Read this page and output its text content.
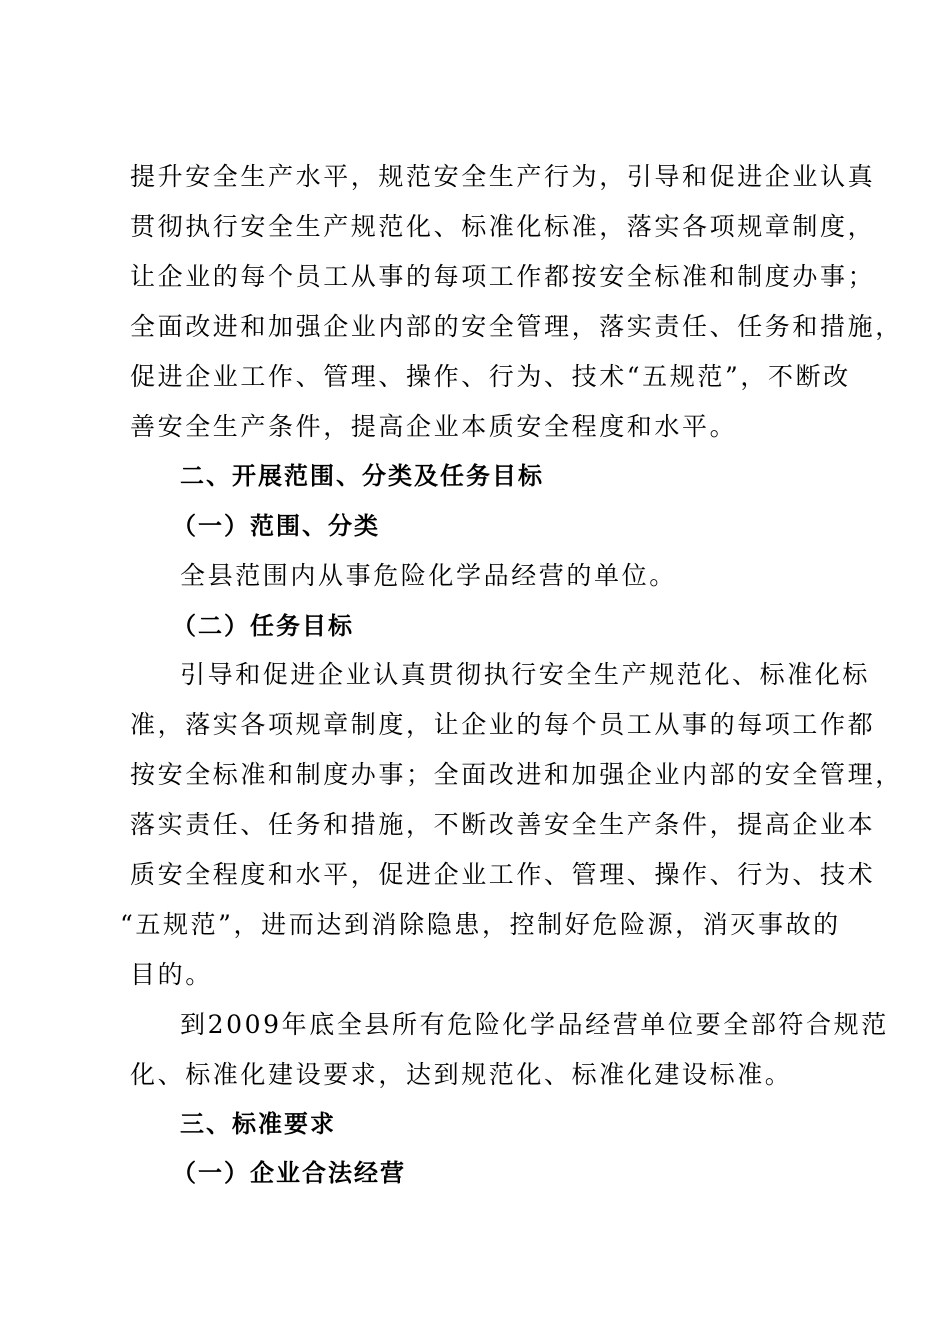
提升安全生产水平，规范安全生产行为，引导和促进企业认真
贯彻执行安全生产规范化、标准化标准，落实各项规章制度，
让企业的每个员工从事的每项工作都按安全标准和制度办事；
全面改进和加强企业内部的安全管理，落实责任、任务和措施，
促进企业工作、管理、操作、行为、技术“五规范”，不断改
善安全生产条件，提高企业本质安全程度和水平。
二、开展范围、分类及任务目标
（一）范围、分类
全县范围内从事危险化学品经营的单位。
（二）任务目标
引导和促进企业认真贯彻执行安全生产规范化、标准化标
准，落实各项规章制度，让企业的每个员工从事的每项工作都
按安全标准和制度办事；全面改进和加强企业内部的安全管理，
落实责任、任务和措施，不断改善安全生产条件，提高企业本
质安全程度和水平，促进企业工作、管理、操作、行为、技术
“五规范”，进而达到消除隐患，控制好危险源，消灭事故的
目的。
到2009年底全县所有危险化学品经营单位要全部符合规范
化、标准化建设要求，达到规范化、标准化建设标准。
三、标准要求
（一）企业合法经营
